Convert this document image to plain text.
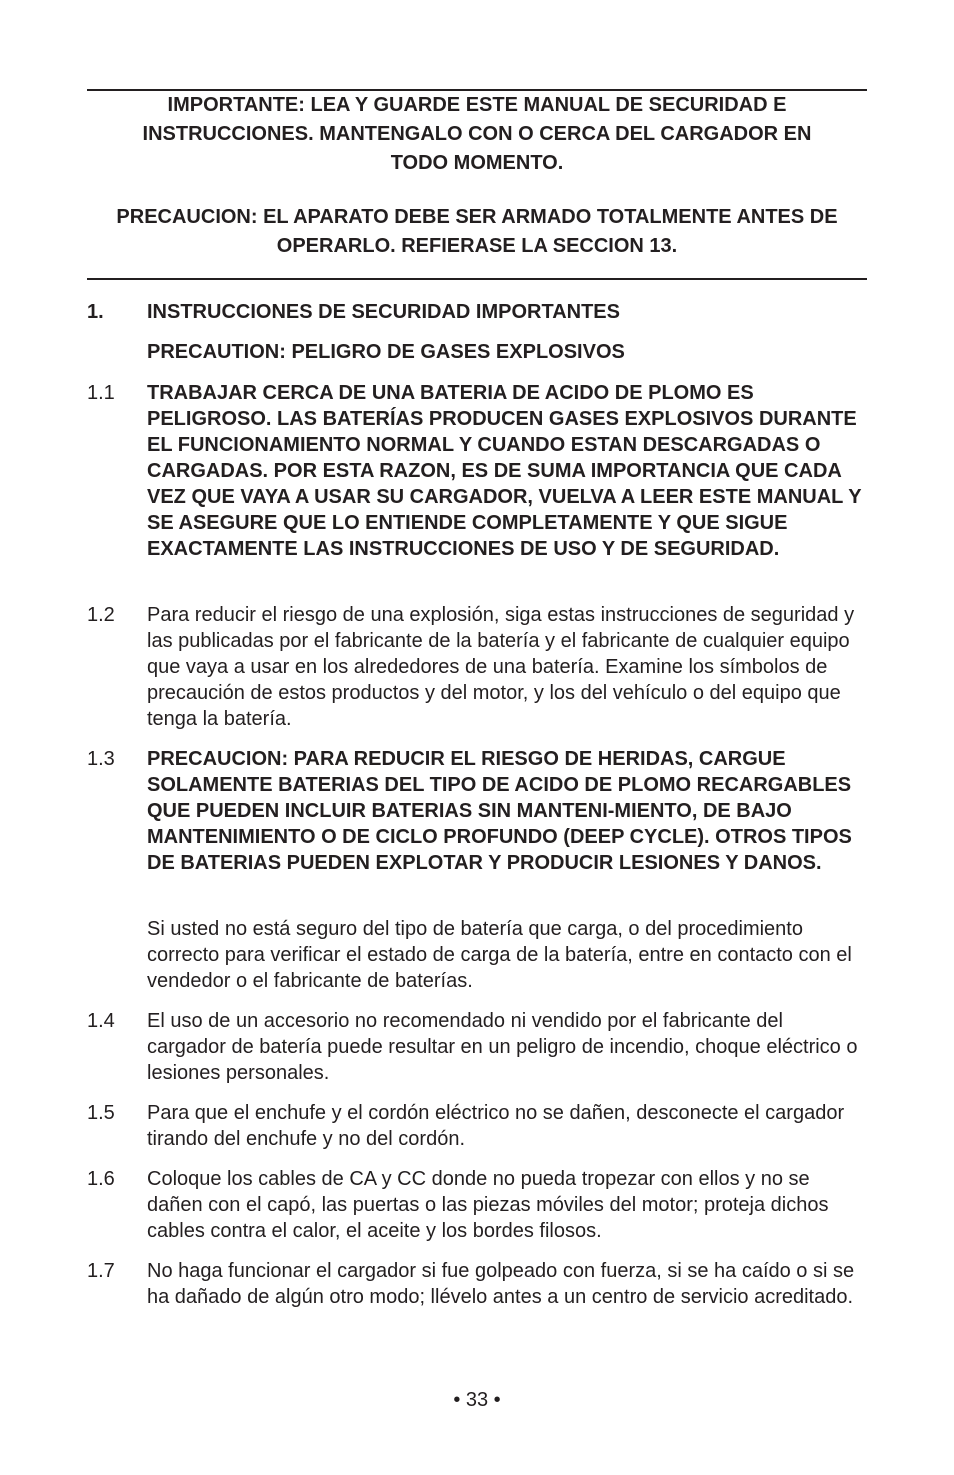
IMPORTANTE: LEA Y GUARDE ESTE MANUAL DE SECURIDAD E INSTRUCCIONES. MANTENGALO CON O CERCA DEL CARGADOR EN TODO MOMENTO.
PRECAUCION: EL APARATO DEBE SER ARMADO TOTALMENTE ANTES DE OPERARLO. REFIERASE LA SECCION 13.
1.	INSTRUCCIONES DE SECURIDAD IMPORTANTES
PRECAUTION: PELIGRO DE GASES EXPLOSIVOS
1.1	TRABAJAR CERCA DE UNA BATERIA DE ACIDO DE PLOMO ES PELIGROSO. LAS BATERÍAS PRODUCEN GASES EXPLOSIVOS DURANTE EL FUNCIONAMIENTO NORMAL Y CUANDO ESTAN DESCARGADAS O CARGADAS. POR ESTA RAZON, ES DE SUMA IMPORTANCIA QUE CADA VEZ QUE VAYA A USAR SU CARGADOR, VUELVA A LEER ESTE MANUAL Y SE ASEGURE QUE LO ENTIENDE COMPLETAMENTE Y QUE SIGUE EXACTAMENTE LAS INSTRUCCIONES DE USO Y DE SEGURIDAD.
1.2	Para reducir el riesgo de una explosión, siga estas instrucciones de seguridad y las publicadas por el fabricante de la batería y el fabricante de cualquier equipo que vaya a usar en los alrededores de una batería. Examine los símbolos de precaución de estos productos y del motor, y los del vehículo o del equipo que tenga la batería.
1.3	PRECAUCION: PARA REDUCIR EL RIESGO DE HERIDAS, CARGUE SOLAMENTE BATERIAS DEL TIPO DE ACIDO DE PLOMO RECARGABLES QUE PUEDEN INCLUIR BATERIAS SIN MANTENI-MIENTO, DE BAJO MANTENIMIENTO O DE CICLO PROFUNDO (DEEP CYCLE). OTROS TIPOS DE BATERIAS PUEDEN EXPLOTAR Y PRODUCIR LESIONES Y DANOS.
Si usted no está seguro del tipo de batería que carga, o del procedimiento correcto para verificar el estado de carga de la batería, entre en contacto con el vendedor o el fabricante de baterías.
1.4	El uso de un accesorio no recomendado ni vendido por el fabricante del cargador de batería puede resultar en un peligro de incendio, choque eléctrico o lesiones personales.
1.5	Para que el enchufe y el cordón eléctrico no se dañen, desconecte el cargador tirando del enchufe y no del cordón.
1.6	Coloque los cables de CA y CC donde no pueda tropezar con ellos y no se dañen con el capó, las puertas o las piezas móviles del motor; proteja dichos cables contra el calor, el aceite y los bordes filosos.
1.7	No haga funcionar el cargador si fue golpeado con fuerza, si se ha caído o si se ha dañado de algún otro modo; llévelo antes a un centro de servicio acreditado.
• 33 •
